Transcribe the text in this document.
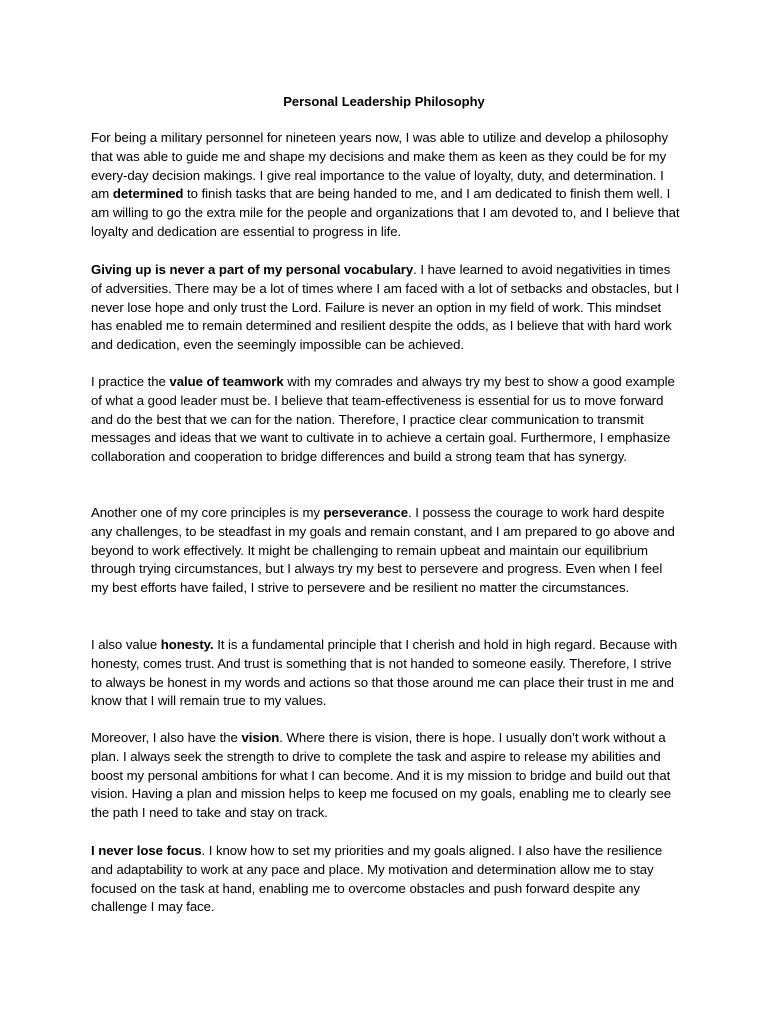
Personal Leadership Philosophy

For being a military personnel for nineteen years now, I was able to utilize and develop a philosophy that was able to guide me and shape my decisions and make them as keen as they could be for my every-day decision makings. I give real importance to the value of loyalty, duty, and determination. I am determined to finish tasks that are being handed to me, and I am dedicated to finish them well. I am willing to go the extra mile for the people and organizations that I am devoted to, and I believe that loyalty and dedication are essential to progress in life.

Giving up is never a part of my personal vocabulary. I have learned to avoid negativities in times of adversities. There may be a lot of times where I am faced with a lot of setbacks and obstacles, but I never lose hope and only trust the Lord. Failure is never an option in my field of work. This mindset has enabled me to remain determined and resilient despite the odds, as I believe that with hard work and dedication, even the seemingly impossible can be achieved.

I practice the value of teamwork with my comrades and always try my best to show a good example of what a good leader must be. I believe that team-effectiveness is essential for us to move forward and do the best that we can for the nation. Therefore, I practice clear communication to transmit messages and ideas that we want to cultivate in to achieve a certain goal. Furthermore, I emphasize collaboration and cooperation to bridge differences and build a strong team that has synergy.

Another one of my core principles is my perseverance. I possess the courage to work hard despite any challenges, to be steadfast in my goals and remain constant, and I am prepared to go above and beyond to work effectively. It might be challenging to remain upbeat and maintain our equilibrium through trying circumstances, but I always try my best to persevere and progress. Even when I feel my best efforts have failed, I strive to persevere and be resilient no matter the circumstances.

I also value honesty. It is a fundamental principle that I cherish and hold in high regard. Because with honesty, comes trust. And trust is something that is not handed to someone easily. Therefore, I strive to always be honest in my words and actions so that those around me can place their trust in me and know that I will remain true to my values.

Moreover, I also have the vision. Where there is vision, there is hope. I usually don’t work without a plan. I always seek the strength to drive to complete the task and aspire to release my abilities and boost my personal ambitions for what I can become. And it is my mission to bridge and build out that vision. Having a plan and mission helps to keep me focused on my goals, enabling me to clearly see the path I need to take and stay on track.

I never lose focus. I know how to set my priorities and my goals aligned. I also have the resilience and adaptability to work at any pace and place. My motivation and determination allow me to stay focused on the task at hand, enabling me to overcome obstacles and push forward despite any challenge I may face.
